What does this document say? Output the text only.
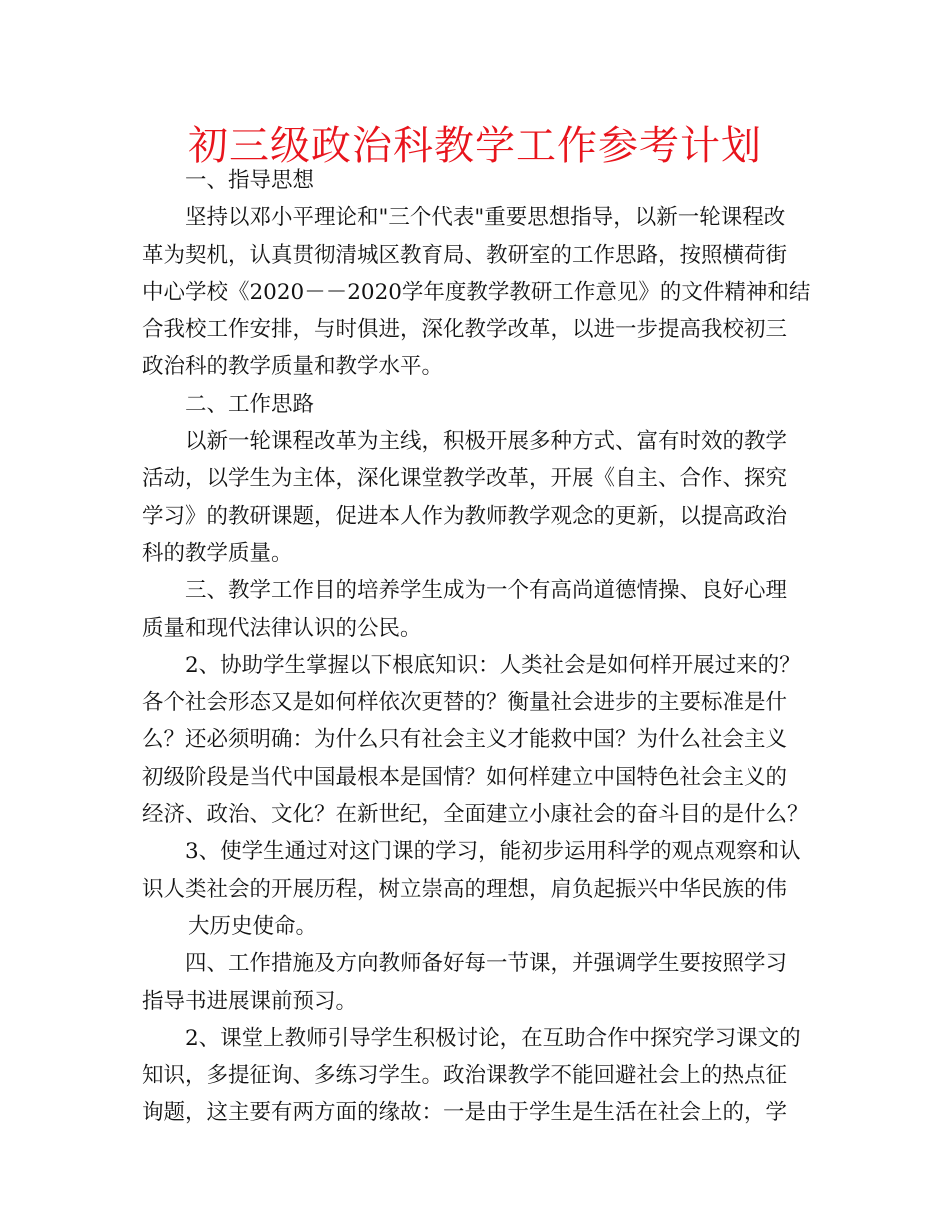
初三级政治科教学工作参考计划
一、指导思想
坚持以邓小平理论和"三个代表"重要思想指导，以新一轮课程改
革为契机，认真贯彻清城区教育局、教研室的工作思路，按照横荷街
中心学校《2020－－2020学年度教学教研工作意见》的文件精神和结
合我校工作安排，与时俱进，深化教学改革，以进一步提高我校初三
政治科的教学质量和教学水平。
二、工作思路
以新一轮课程改革为主线，积极开展多种方式、富有时效的教学
活动，以学生为主体，深化课堂教学改革，开展《自主、合作、探究
学习》的教研课题，促进本人作为教师教学观念的更新，以提高政治
科的教学质量。
三、教学工作目的培养学生成为一个有高尚道德情操、良好心理
质量和现代法律认识的公民。
2、协助学生掌握以下根底知识：人类社会是如何样开展过来的？
各个社会形态又是如何样依次更替的？衡量社会进步的主要标准是什
么？还必须明确：为什么只有社会主义才能救中国？为什么社会主义
初级阶段是当代中国最根本是国情？如何样建立中国特色社会主义的
经济、政治、文化？在新世纪，全面建立小康社会的奋斗目的是什么？
3、使学生通过对这门课的学习，能初步运用科学的观点观察和认
识人类社会的开展历程，树立崇高的理想，肩负起振兴中华民族的伟
大历史使命。
四、工作措施及方向教师备好每一节课，并强调学生要按照学习
指导书进展课前预习。
2、课堂上教师引导学生积极讨论，在互助合作中探究学习课文的
知识，多提征询、多练习学生。政治课教学不能回避社会上的热点征
询题，这主要有两方面的缘故：一是由于学生是生活在社会上的，学
